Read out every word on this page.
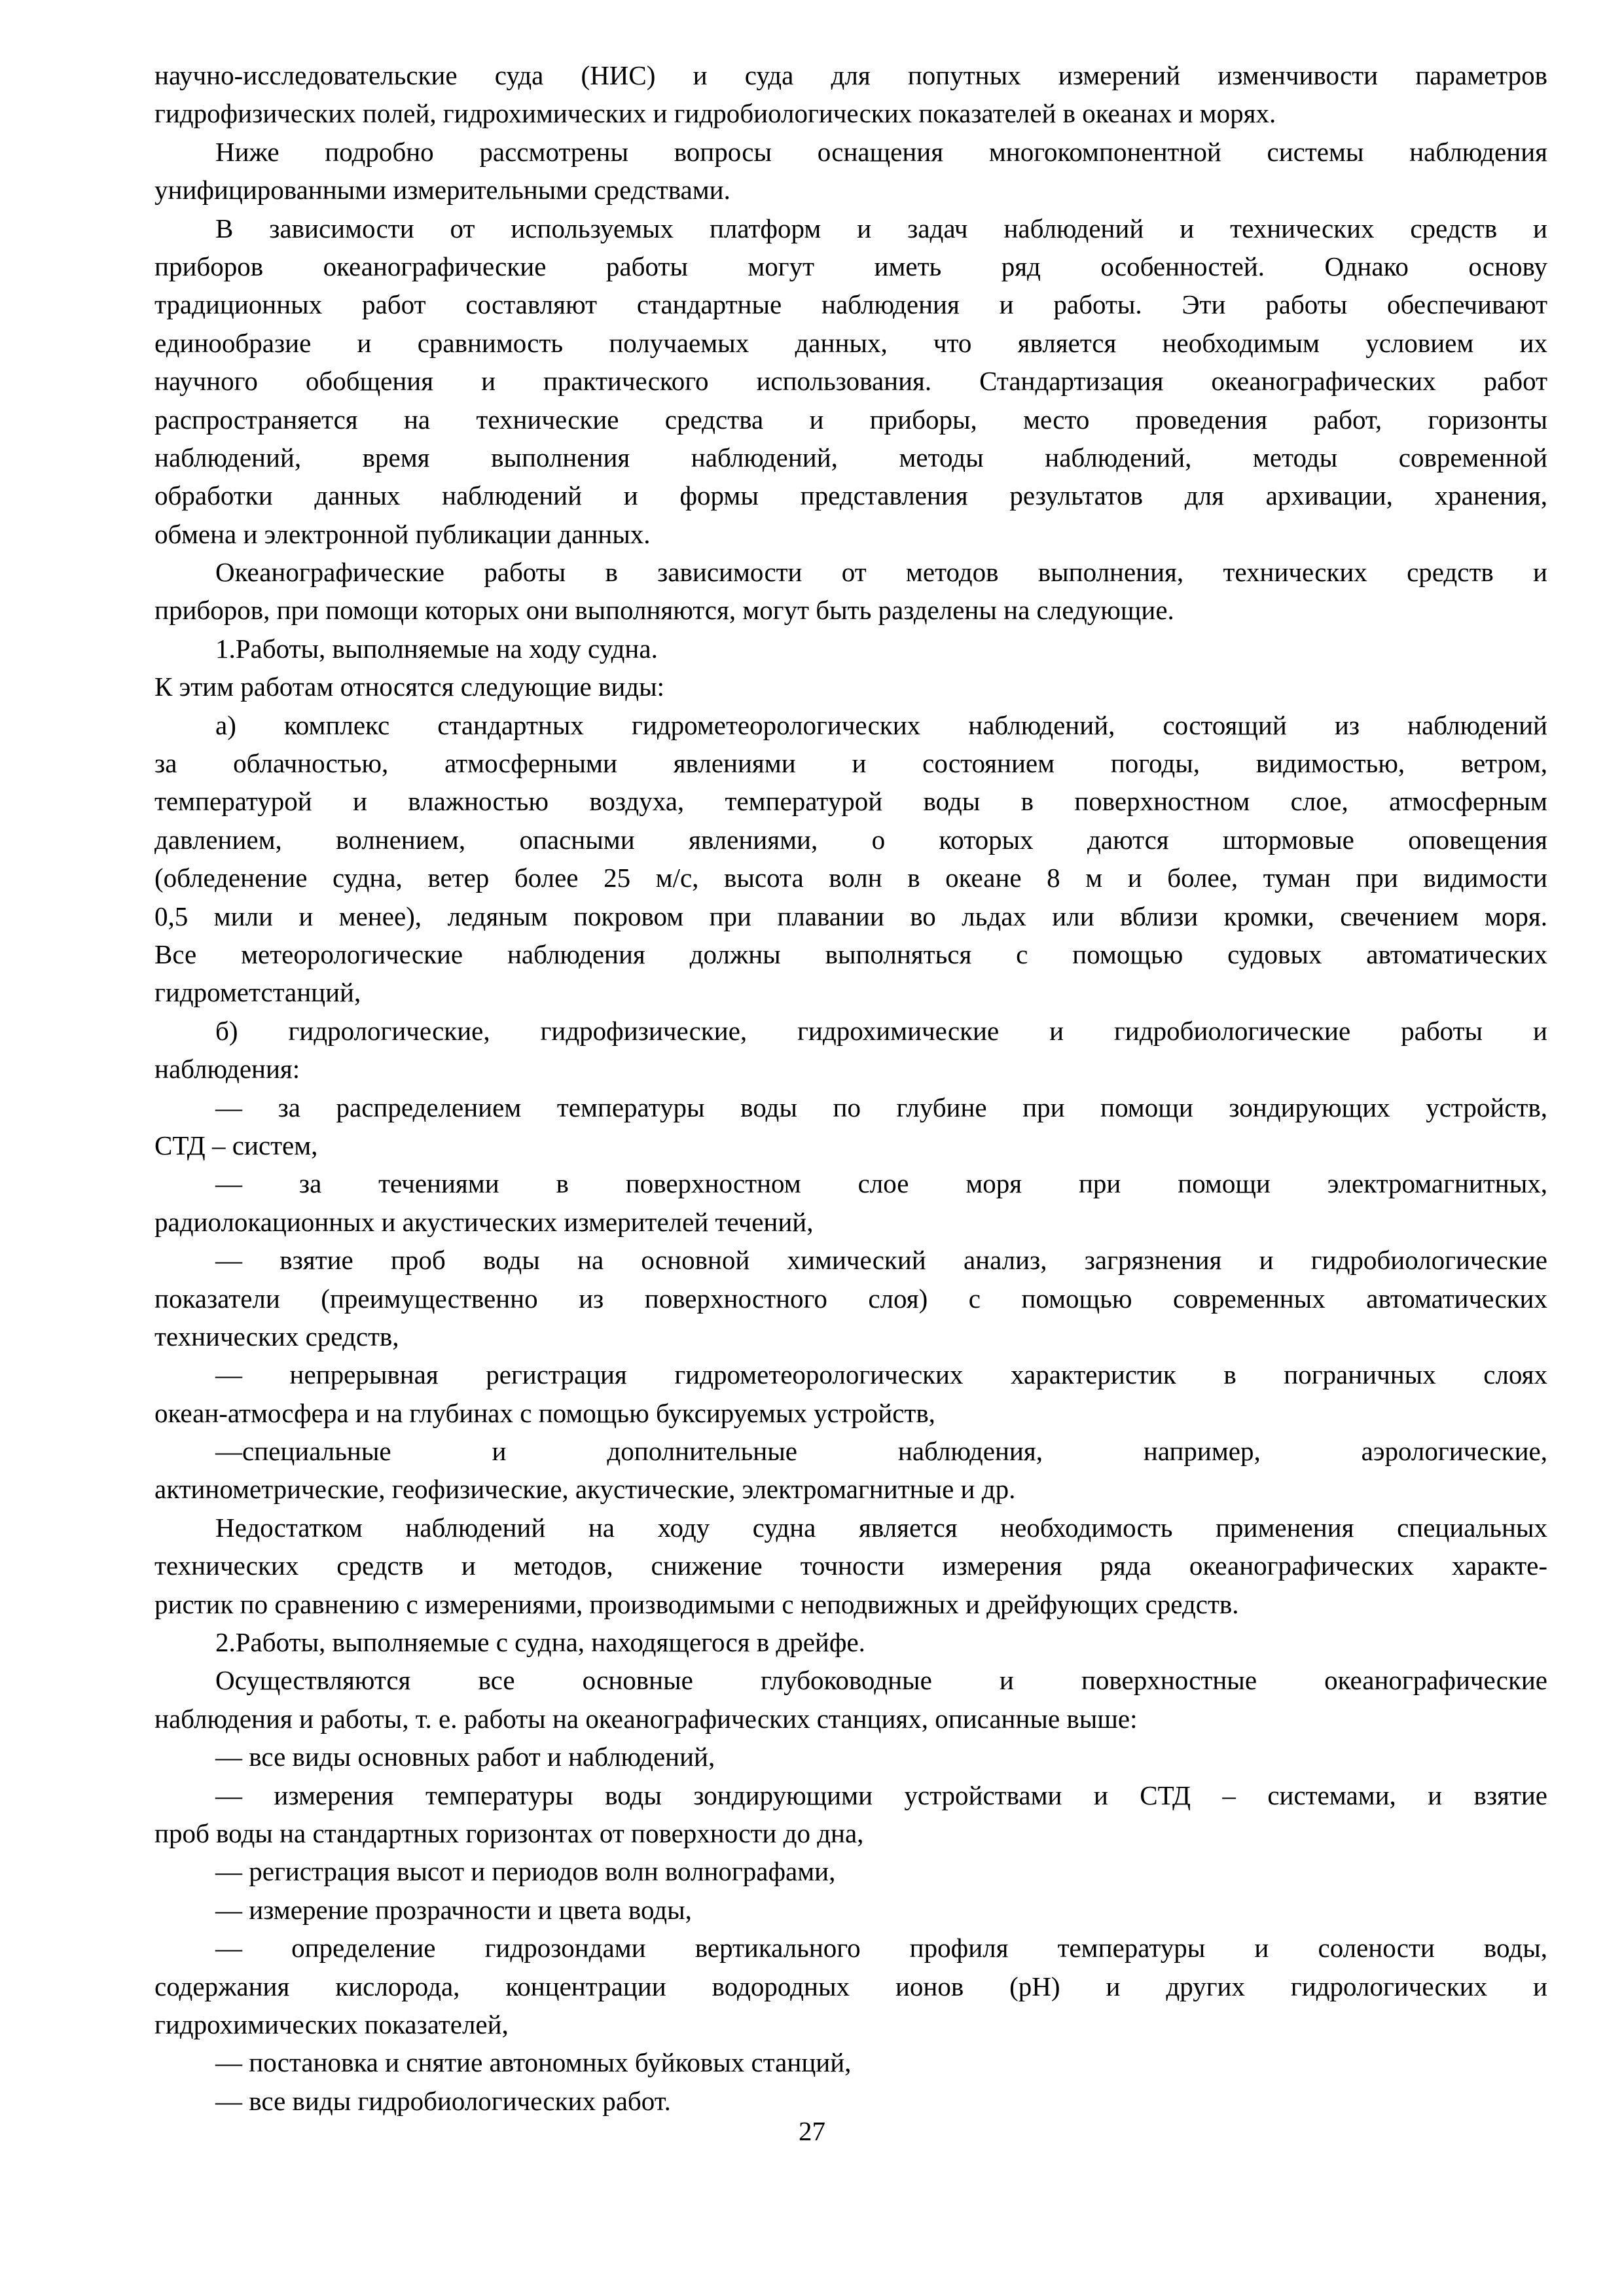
научно-исследовательские суда (НИС) и суда для попутных измерений изменчивости параметров

гидрофизических полей, гидрохимических и гидробиологических показателей в океанах и морях.

Ниже подробно рассмотрены вопросы оснащения многокомпонентной системы наблюдения

унифицированными измерительными средствами.

В зависимости от используемых платформ и задач наблюдений и технических средств и

приборов океанографические работы могут иметь ряд особенностей. Однако основу

традиционных работ составляют стандартные наблюдения и работы. Эти работы обеспечивают

единообразие и сравнимость получаемых данных, что является необходимым условием их

научного обобщения и практического использования. Стандартизация океанографических работ

распространяется на технические средства и приборы, место проведения работ, горизонты

наблюдений, время выполнения наблюдений, методы наблюдений, методы современной

обработки данных наблюдений и формы представления результатов для архивации, хранения,

обмена и электронной публикации данных.

Океанографические работы в зависимости от методов выполнения, технических средств и

приборов, при помощи которых они выполняются, могут быть разделены на следующие.

1.Работы, выполняемые на ходу судна.

К этим работам относятся следующие виды:

а) комплекс стандартных гидрометеорологических наблюдений, состоящий из наблюдений

за облачностью, атмосферными явлениями и состоянием погоды, видимостью, ветром,

температурой и влажностью воздуха, температурой воды в поверхностном слое, атмосферным

давлением, волнением, опасными явлениями, о которых даются штормовые оповещения

(обледенение судна, ветер более 25 м/с, высота волн в океане 8 м и более, туман при видимости

0,5 мили и менее), ледяным покровом при плавании во льдах или вблизи кромки, свечением моря.

Все метеорологические наблюдения должны выполняться с помощью судовых автоматических

гидрометстанций,

б) гидрологические, гидрофизические, гидрохимические и гидробиологические работы и

наблюдения:

— за распределением температуры воды по глубине при помощи зондирующих устройств,

СТД – систем,

— за течениями в поверхностном слое моря при помощи электромагнитных,

радиолокационных и акустических измерителей течений,

— взятие проб воды на основной химический анализ, загрязнения и гидробиологические

показатели (преимущественно из поверхностного слоя) с помощью современных автоматических

технических средств,

— непрерывная регистрация гидрометеорологических характеристик в пограничных слоях

океан-атмосфера и на глубинах с помощью буксируемых устройств,

—специальные и дополнительные наблюдения, например, аэрологические,

актинометрические, геофизические, акустические, электромагнитные и др.

Недостатком наблюдений на ходу судна является необходимость применения специальных

технических средств и методов, снижение точности измерения ряда океанографических характе-

ристик по сравнению с измерениями, производимыми с неподвижных и дрейфующих средств.

2.Работы, выполняемые с судна, находящегося в дрейфе.

Осуществляются все основные глубоководные и поверхностные океанографические

наблюдения и работы, т. е. работы на океанографических станциях, описанные выше:

— все виды основных работ и наблюдений,

— измерения температуры воды зондирующими устройствами и СТД – системами, и взятие

проб воды на стандартных горизонтах от поверхности до дна,

— регистрация высот и периодов волн волнографами,

— измерение прозрачности и цвета воды,

— определение гидрозондами вертикального профиля температуры и солености воды,

содержания кислорода, концентрации водородных ионов (pH) и других гидрологических и

гидрохимических показателей,

— постановка и снятие автономных буйковых станций,

— все виды гидробиологических работ.

27
